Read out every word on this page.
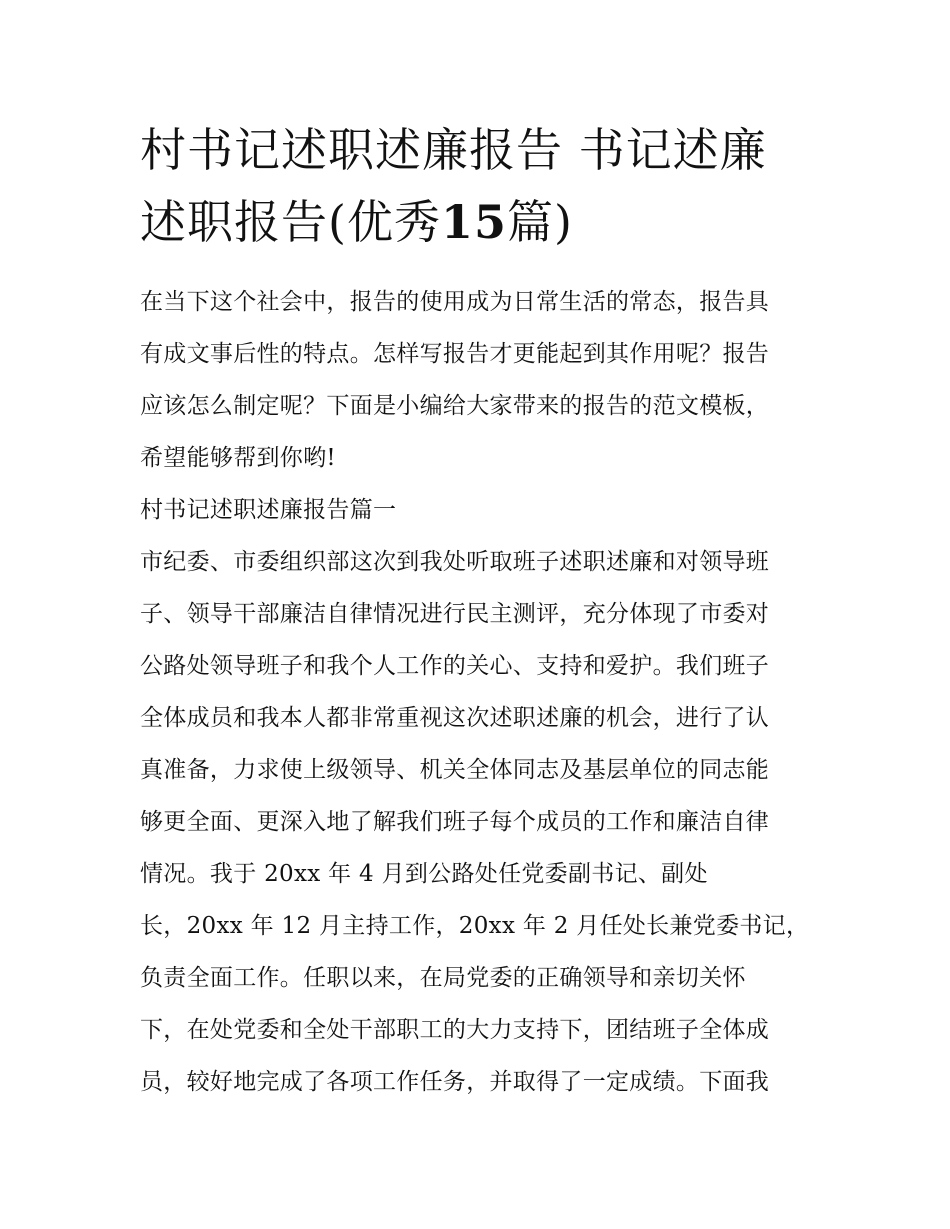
村书记述职述廉报告 书记述廉
述职报告(优秀15篇)
在当下这个社会中，报告的使用成为日常生活的常态，报告具
有成文事后性的特点。怎样写报告才更能起到其作用呢？报告
应该怎么制定呢？下面是小编给大家带来的报告的范文模板，
希望能够帮到你哟!
村书记述职述廉报告篇一
市纪委、市委组织部这次到我处听取班子述职述廉和对领导班
子、领导干部廉洁自律情况进行民主测评，充分体现了市委对
公路处领导班子和我个人工作的关心、支持和爱护。我们班子
全体成员和我本人都非常重视这次述职述廉的机会，进行了认
真准备，力求使上级领导、机关全体同志及基层单位的同志能
够更全面、更深入地了解我们班子每个成员的工作和廉洁自律
情况。我于 20xx 年 4 月到公路处任党委副书记、副处
长，20xx 年 12 月主持工作，20xx 年 2 月任处长兼党委书记，
负责全面工作。任职以来，在局党委的正确领导和亲切关怀
下，在处党委和全处干部职工的大力支持下，团结班子全体成
员，较好地完成了各项工作任务，并取得了一定成绩。下面我
